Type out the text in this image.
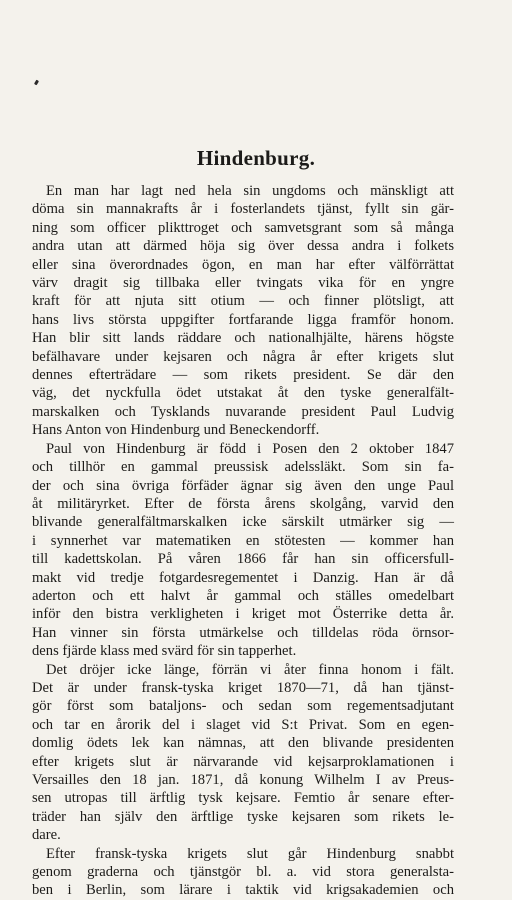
Hindenburg.
En man har lagt ned hela sin ungdoms och mänskligt att
döma sin mannakrafts år i fosterlandets tjänst, fyllt sin gär-
ning som officer plikttroget och samvetsgrant som så många
andra utan att därmed höja sig över dessa andra i folkets
eller sina överordnades ögon, en man har efter välförrättat
värv dragit sig tillbaka eller tvingats vika för en yngre
kraft för att njuta sitt otium — och finner plötsligt, att
hans livs största uppgifter fortfarande ligga framför honom.
Han blir sitt lands räddare och nationalhjälte, härens högste
befälhavare under kejsaren och några år efter krigets slut
dennes efterträdare — som rikets president. Se där den
väg, det nyckfulla ödet utstakat åt den tyske generalfält-
marskalken och Tysklands nuvarande president Paul Ludvig
Hans Anton von Hindenburg und Beneckendorff.
Paul von Hindenburg är född i Posen den 2 oktober 1847
och tillhör en gammal preussisk adelssläkt. Som sin fa-
der och sina övriga förfäder ägnar sig även den unge Paul
åt militäryrket. Efter de första årens skolgång, varvid den
blivande generalfältmarskalken icke särskilt utmärker sig —
i synnerhet var matematiken en stötesten — kommer han
till kadettskolan. På våren 1866 får han sin officersfull-
makt vid tredje fotgardesregementet i Danzig. Han är då
aderton och ett halvt år gammal och ställes omedelbart
inför den bistra verkligheten i kriget mot Österrike detta år.
Han vinner sin första utmärkelse och tilldelas röda örnsor-
dens fjärde klass med svärd för sin tapperhet.
Det dröjer icke länge, förrän vi åter finna honom i fält.
Det är under fransk-tyska kriget 1870—71, då han tjänst-
gör först som bataljons- och sedan som regementsadjutant
och tar en årorik del i slaget vid S:t Privat. Som en egen-
domlig ödets lek kan nämnas, att den blivande presidenten
efter krigets slut är närvarande vid kejsarproklamationen i
Versailles den 18 jan. 1871, då konung Wilhelm I av Preus-
sen utropas till ärftlig tysk kejsare. Femtio år senare efter-
träder han själv den ärftlige tyske kejsaren som rikets le-
dare.
Efter fransk-tyska krigets slut går Hindenburg snabbt
genom graderna och tjänstgör bl. a. vid stora generalsta-
ben i Berlin, som lärare i taktik vid krigsakademien och
